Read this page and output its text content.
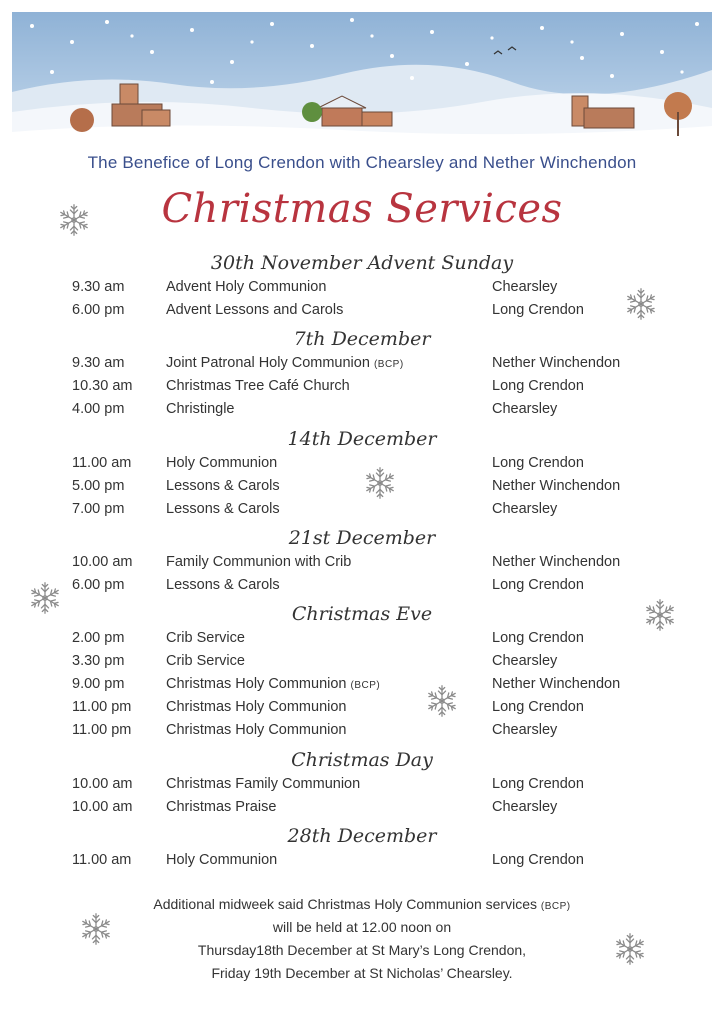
The Benefice of Long Crendon with Chearsley and Nether Winchendon
Christmas Services
30th November Advent Sunday
9.30 am	Advent Holy Communion	Chearsley
6.00 pm	Advent Lessons and Carols	Long Crendon
7th December
9.30 am	Joint Patronal Holy Communion (BCP)	Nether Winchendon
10.30 am Christmas Tree Café Church	Long Crendon
4.00 pm	Christingle	Chearsley
14th December
11.00 am Holy Communion	Long Crendon
5.00 pm	Lessons & Carols	Nether Winchendon
7.00 pm	Lessons & Carols	Chearsley
21st December
10.00 am Family Communion with Crib	Nether Winchendon
6.00 pm	Lessons & Carols	Long Crendon
Christmas Eve
2.00 pm	Crib Service	Long Crendon
3.30 pm	Crib Service	Chearsley
9.00 pm	Christmas Holy Communion (BCP)	Nether Winchendon
11.00 pm Christmas Holy Communion	Long Crendon
11.00 pm Christmas Holy Communion	Chearsley
Christmas Day
10.00 am Christmas Family Communion	Long Crendon
10.00 am Christmas Praise	Chearsley
28th December
11.00 am Holy Communion	Long Crendon
Additional midweek said Christmas Holy Communion services (BCP)
will be held at 12.00 noon on
Thursday18th December at St Mary’s Long Crendon,
Friday 19th December at St Nicholas’ Chearsley.
